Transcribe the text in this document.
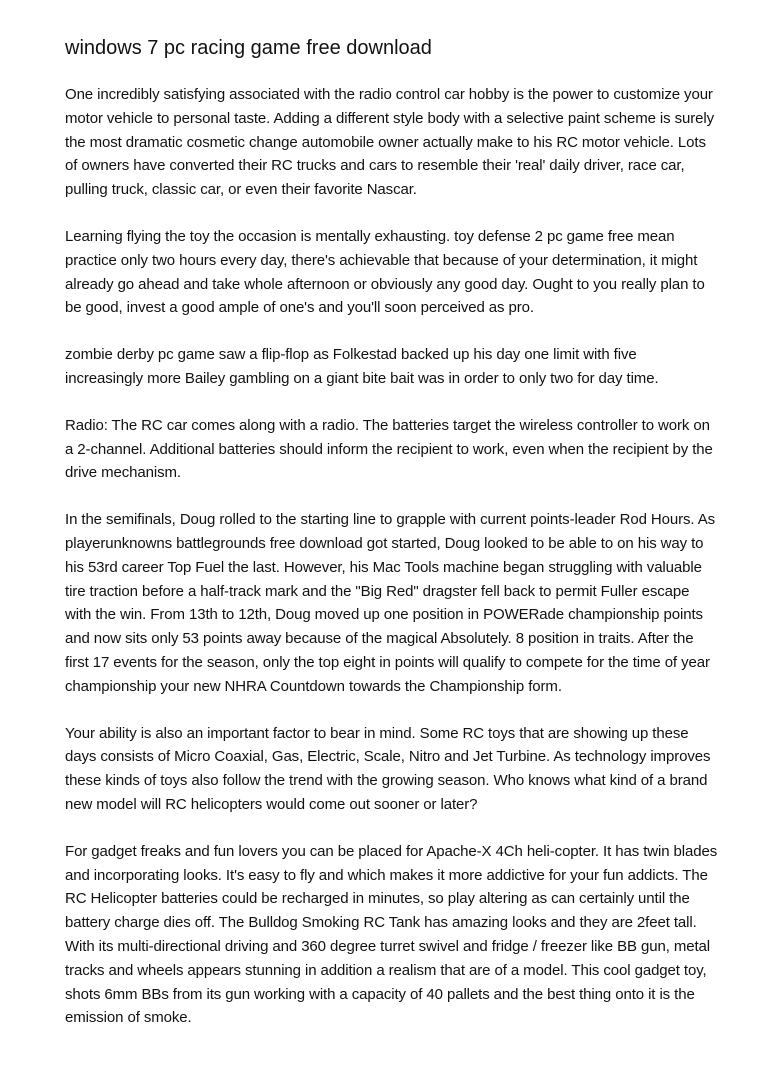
windows 7 pc racing game free download

One incredibly satisfying associated with the radio control car hobby is the power to customize your motor vehicle to personal taste. Adding a different style body with a selective paint scheme is surely the most dramatic cosmetic change automobile owner actually make to his RC motor vehicle. Lots of owners have converted their RC trucks and cars to resemble their 'real' daily driver, race car, pulling truck, classic car, or even their favorite Nascar.

Learning flying the toy the occasion is mentally exhausting. toy defense 2 pc game free mean practice only two hours every day, there's achievable that because of your determination, it might already go ahead and take whole afternoon or obviously any good day. Ought to you really plan to be good, invest a good ample of one's and you'll soon perceived as pro.

zombie derby pc game saw a flip-flop as Folkestad backed up his day one limit with five increasingly more Bailey gambling on a giant bite bait was in order to only two for day time.

Radio: The RC car comes along with a radio. The batteries target the wireless controller to work on a 2-channel. Additional batteries should inform the recipient to work, even when the recipient by the drive mechanism.

In the semifinals, Doug rolled to the starting line to grapple with current points-leader Rod Hours. As playerunknowns battlegrounds free download got started, Doug looked to be able to on his way to his 53rd career Top Fuel the last. However, his Mac Tools machine began struggling with valuable tire traction before a half-track mark and the "Big Red" dragster fell back to permit Fuller escape with the win. From 13th to 12th, Doug moved up one position in POWERade championship points and now sits only 53 points away because of the magical Absolutely. 8 position in traits. After the first 17 events for the season, only the top eight in points will qualify to compete for the time of year championship your new NHRA Countdown towards the Championship form.

Your ability is also an important factor to bear in mind. Some RC toys that are showing up these days consists of Micro Coaxial, Gas, Electric, Scale, Nitro and Jet Turbine. As technology improves these kinds of toys also follow the trend with the growing season. Who knows what kind of a brand new model will RC helicopters would come out sooner or later?

For gadget freaks and fun lovers you can be placed for Apache-X 4Ch heli-copter. It has twin blades and incorporating looks. It's easy to fly and which makes it more addictive for your fun addicts. The RC Helicopter batteries could be recharged in minutes, so play altering as can certainly until the battery charge dies off. The Bulldog Smoking RC Tank has amazing looks and they are 2feet tall. With its multi-directional driving and 360 degree turret swivel and fridge / freezer like BB gun, metal tracks and wheels appears stunning in addition a realism that are of a model. This cool gadget toy, shots 6mm BBs from its gun working with a capacity of 40 pallets and the best thing onto it is the emission of smoke.
